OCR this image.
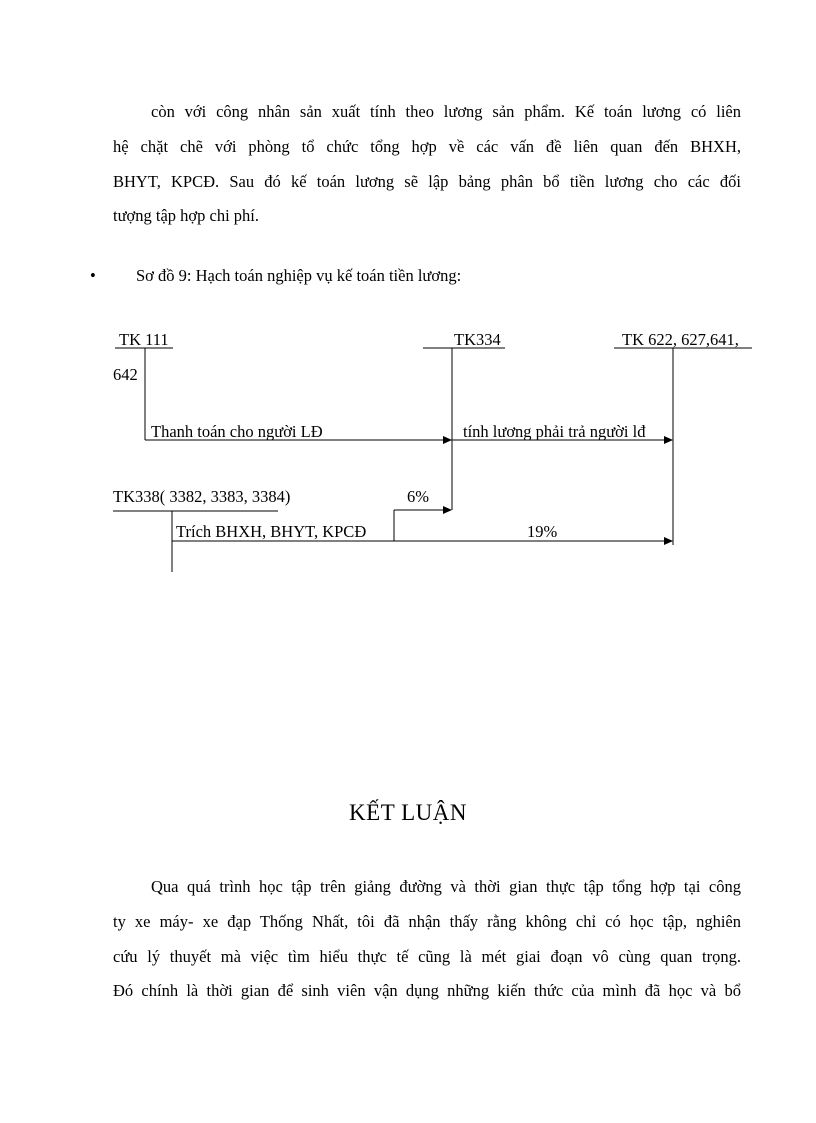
còn với công nhân sản xuất tính theo lương sản phẩm. Kế toán lương có liên
hệ chặt chẽ với phòng tổ chức tổng hợp về các vấn đề liên quan đến BHXH,
BHYT, KPCĐ. Sau đó kế toán lương sẽ lập bảng phân bổ tiền lương cho các đối
tượng tập hợp chi phí.
• Sơ đồ 9: Hạch toán nghiệp vụ kế toán tiền lương:
TK 111	TK334	TK 622, 627,641,
642
TK338( 3382, 3383, 3384)
Thanh toán cho người LĐ	tính lương phải trả người lđ
6%
Trích BHXH, BHYT, KPCĐ	19%
KẾT LUẬN
Qua quá trình học tập trên giảng đường và thời gian thực tập tổng hợp tại công
ty xe máy- xe đạp Thống Nhất, tôi đã nhận thấy rằng không chỉ có học tập, nghiên
cứu lý thuyết mà việc tìm hiểu thực tế cũng là mét giai đoạn vô cùng quan trọng.
Đó chính là thời gian để sinh viên vận dụng những kiến thức của mình đã học và bổ
